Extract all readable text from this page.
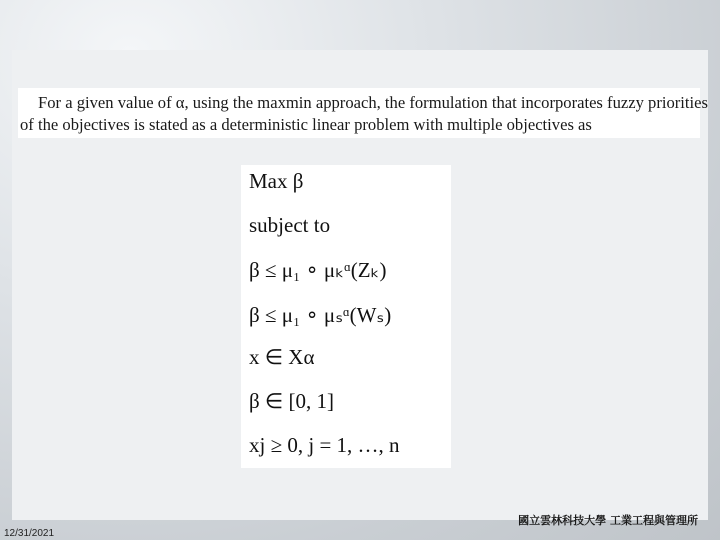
For a given value of α, using the maxmin approach, the formulation that incorporates fuzzy priorities
of the objectives is stated as a deterministic linear problem with multiple objectives as

Max β
subject to
β ≤ μ₁ ∘ μₖᵅ(Zₖ)
β ≤ μ₁ ∘ μₛᵅ(Wₛ)
x ∈ Xα
β ∈ [0, 1]
xj ≥ 0, j = 1, …, n
國立雲林科技大學 工業工程與管理所
12/31/2021
